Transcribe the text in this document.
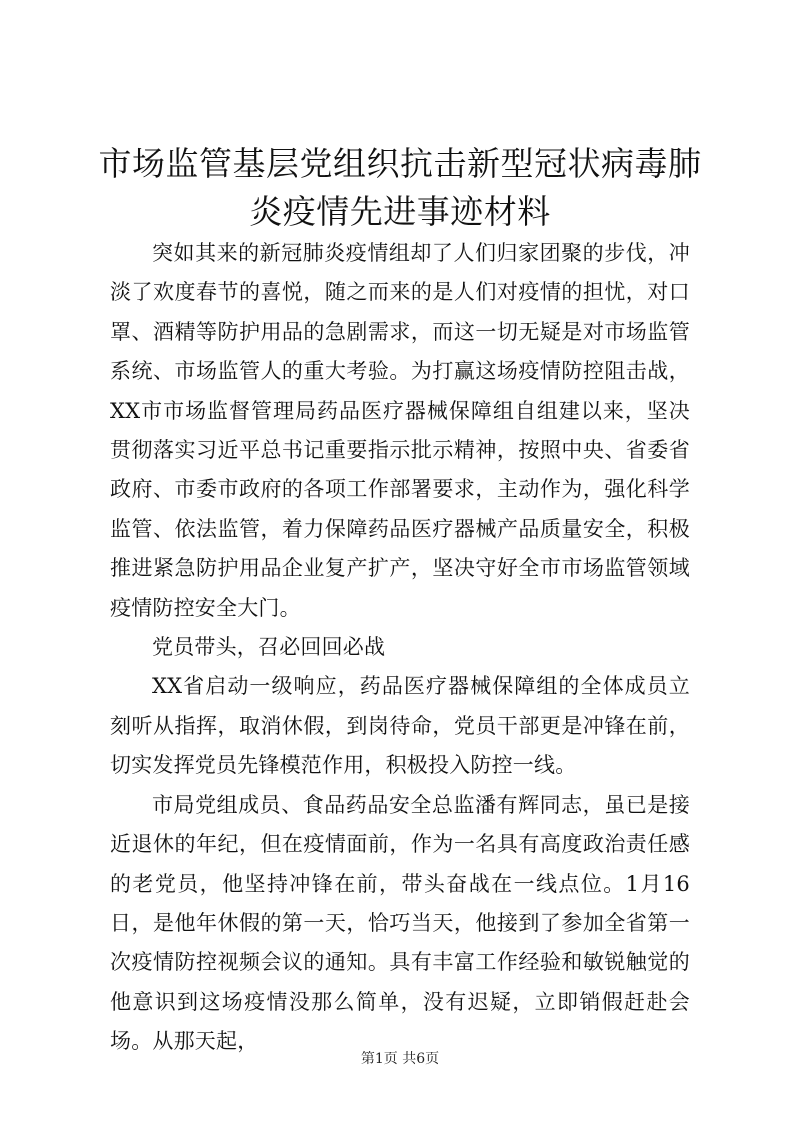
市场监管基层党组织抗击新型冠状病毒肺炎疫情先进事迹材料

突如其来的新冠肺炎疫情组却了人们归家团聚的步伐，冲淡了欢度春节的喜悦，随之而来的是人们对疫情的担忧，对口罩、酒精等防护用品的急剧需求，而这一切无疑是对市场监管系统、市场监管人的重大考验。为打赢这场疫情防控阻击战，XX市市场监督管理局药品医疗器械保障组自组建以来，坚决贯彻落实习近平总书记重要指示批示精神，按照中央、省委省政府、市委市政府的各项工作部署要求，主动作为，强化科学监管、依法监管，着力保障药品医疗器械产品质量安全，积极推进紧急防护用品企业复产扩产，坚决守好全市市场监管领域疫情防控安全大门。

党员带头，召必回回必战

XX省启动一级响应，药品医疗器械保障组的全体成员立刻听从指挥，取消休假，到岗待命，党员干部更是冲锋在前，切实发挥党员先锋模范作用，积极投入防控一线。

市局党组成员、食品药品安全总监潘有辉同志，虽已是接近退休的年纪，但在疫情面前，作为一名具有高度政治责任感的老党员，他坚持冲锋在前，带头奋战在一线点位。1月16日，是他年休假的第一天，恰巧当天，他接到了参加全省第一次疫情防控视频会议的通知。具有丰富工作经验和敏锐触觉的他意识到这场疫情没那么简单，没有迟疑，立即销假赶赴会场。从那天起，

第1页 共6页
